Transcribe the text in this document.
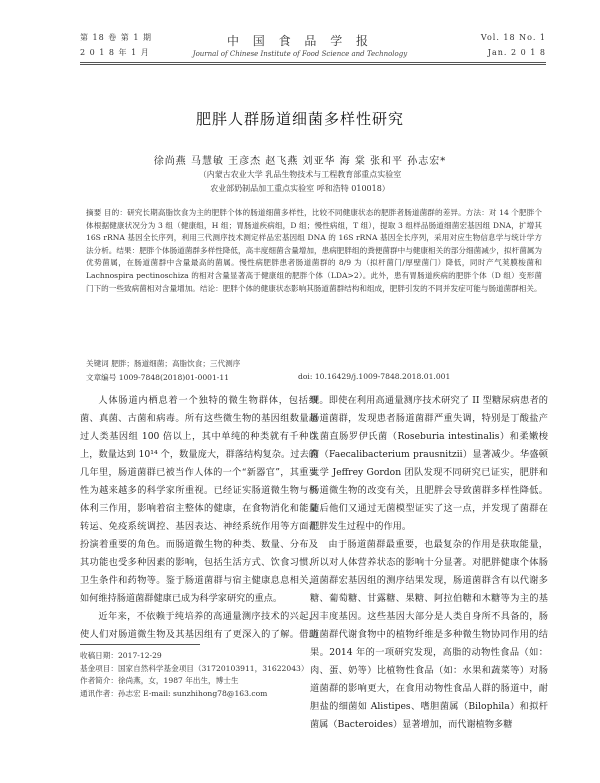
第 18 卷 第 1 期
2 0 1 8 年 1 月
中 国 食 品 学 报
Journal of Chinese Institute of Food Science and Technology
Vol. 18 No. 1
Jan. 2 0 1 8
肥胖人群肠道细菌多样性研究
徐尚燕 马慧敏 王彦杰 赵飞燕 刘亚华 海 棠 张和平 孙志宏*
（内蒙古农业大学 乳品生物技术与工程教育部重点实验室
农业部奶制品加工重点实验室 呼和浩特 010018）
摘要 目的：研究长期高脂饮食为主的肥胖个体的肠道细菌多样性，比较不同健康状态的肥胖者肠道菌群的差异。方法：对 14 个肥胖个体根据健康状况分为 3 组（健康组，H 组；胃肠道疾病组，D 组；慢性病组，T 组），提取 3 组样品肠道细菌宏基因组 DNA，扩增其 16S rRNA 基因全长序列，利用三代测序技术测定样品宏基因组 DNA 的 16S rRNA 基因全长序列，采用对应生物信息学与统计学方法分析。结果：肥胖个体肠道菌群多样性降低，高丰度细菌含量增加，患病肥胖组的粪便菌群中与健康相关的部分细菌减少，拟杆菌属为优势菌属，在肠道菌群中含量最高的菌属。慢性病肥胖患者肠道菌群的 8/9 为（拟杆菌门/厚壁菌门）降低，同时产气荚膜梭菌和 Lachnospira pectinoschiza 的相对含量显著高于健康组的肥胖个体（LDA>2）。此外，患有胃肠道疾病的肥胖个体（D 组）变形菌门下的一些致病菌相对含量增加。结论：肥胖个体的健康状态影响其肠道菌群结构和组成，肥胖引发的不同并发症可能与肠道菌群相关。
关键词 肥胖；肠道细菌；高脂饮食；三代测序
文章编号 1009-7848(2018)01-0001-11	doi: 10.16429/j.1009-7848.2018.01.001

人体肠道内栖息着一个独特的微生物群体，包括细菌、真菌、古菌和病毒。所有这些微生物的基因组数量超过人类基因组 100 倍以上，其中单纯的种类就有千种以上，数量达到 10¹⁴ 个，数量庞大，群落结构复杂。过去的几年里，肠道菌群已被当作人体的一个“新器官”，其重要性为越来越多的科学家所重视。已经证实肠道微生物与机体利三作用，影响着宿主整体的健康，在食物消化和能量转运、免疫系统调控、基因表达、神经系统作用等方面都扮演着重要的角色。而肠道微生物的种类、数量、分布及其功能也受多种因素的影响，包括生活方式、饮食习惯、卫生条件和药物等。鉴于肠道菌群与宿主健康息息相关，如何维持肠道菌群健康已成为科学家研究的重点。

近年来，不依赖于纯培养的高通量测序技术的兴起，使人们对肠道微生物及其基因组有了更深入的了解。借助

现。即使在利用高通量测序技术研究了 II 型糖尿病患者的肠道菌群，发现患者肠道菌群严重失调，特别是丁酸盐产生菌直肠罗伊氏菌（Roseburia intestinalis）和柔嫩梭菌（Faecalibacterium prausnitzii）显著减少。华盛顿大学 Jeffrey Gordon 团队发现不同研究已证实，肥胖和肠道微生物的改变有关，且肥胖会导致菌群多样性降低。随后他们又通过无菌模型证实了这一点，并发现了菌群在肥胖发生过程中的作用。

由于肠道菌群最重要，也最复杂的作用是获取能量，所以对人体营养状态的影响十分显著。对肥胖健康个体肠道菌群宏基因组的测序结果发现，肠道菌群含有以代谢多糖、葡萄糖、甘露糖、果糖、阿拉伯糖和木糖等为主的基因丰度基因。这些基因大部分是人类自身所不具备的，肠道菌群代谢食物中的植物纤维是多种微生物协同作用的结果。2014 年的一项研究发现，高脂的动物性食品（如：肉、蛋、奶等）比植物性食品（如：水果和蔬菜等）对肠道菌群的影响更大，在食用动物性食品人群的肠道中，耐胆盐的细菌如 Alistipes、嗜胆菌属（Bilophila）和拟杆菌属（Bacteroides）显著增加，而代谢植物多糖

收稿日期：2017-12-29
基金项目：国家自然科学基金项目（31720103911，31622043）
作者简介：徐尚燕，女，1987 年出生，博士生
通讯作者：孙志宏 E-mail: sunzhihong78@163.com
